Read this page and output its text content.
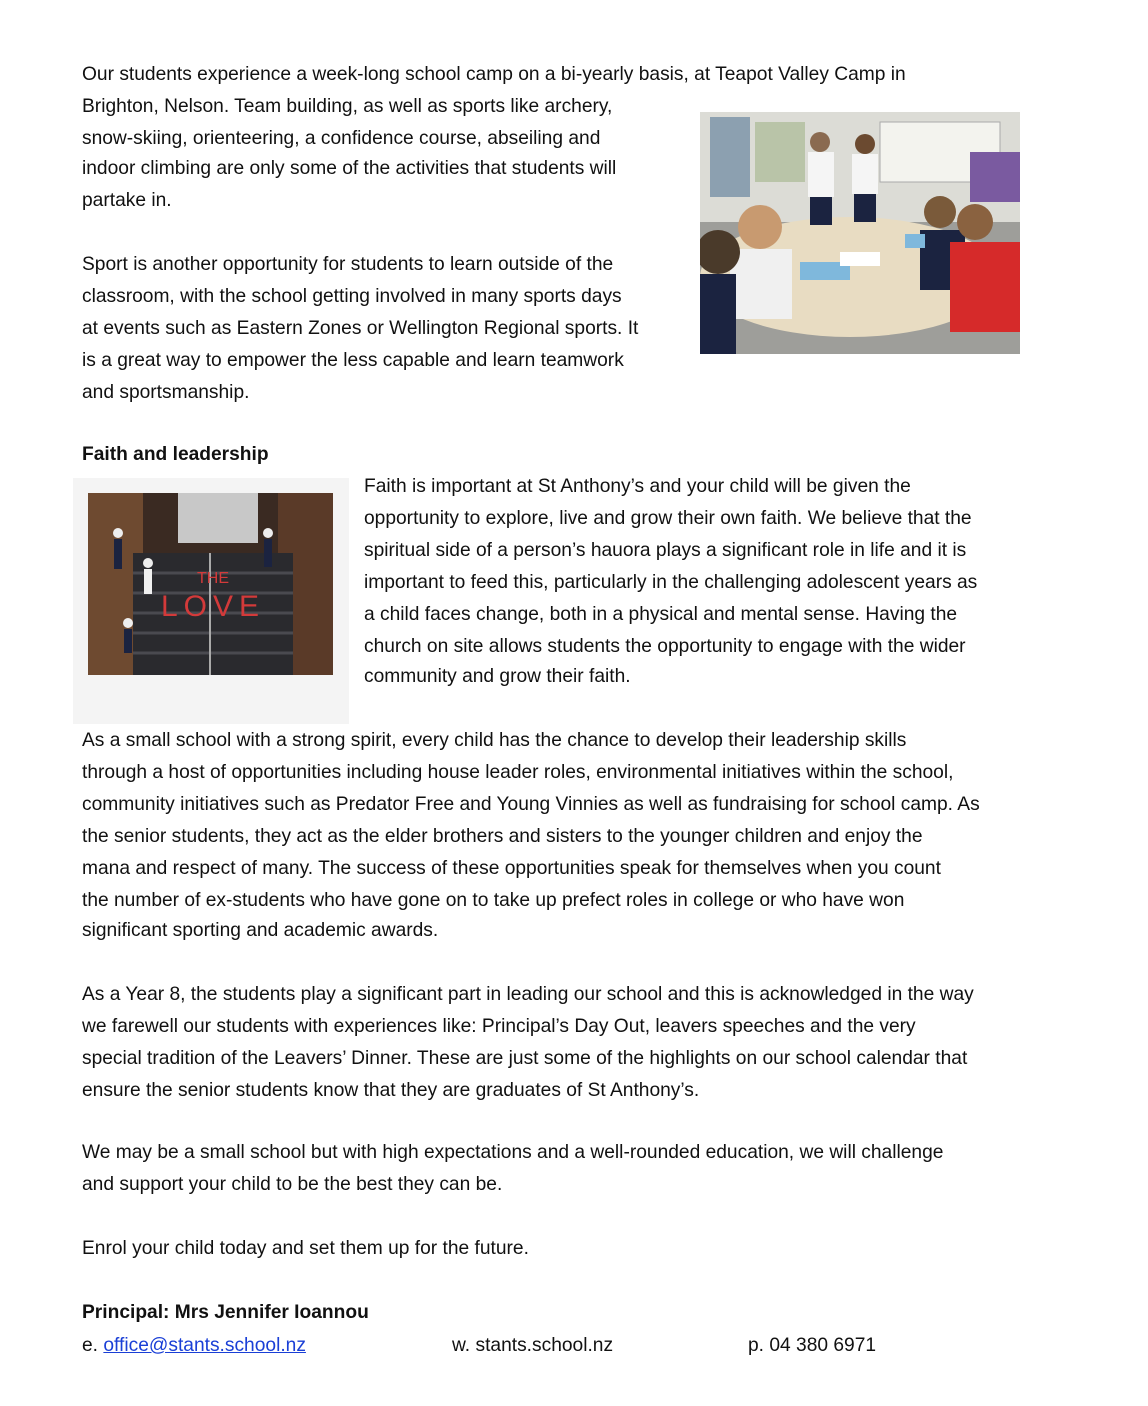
Our students experience a week-long school camp on a bi-yearly basis, at Teapot Valley Camp in

Brighton, Nelson. Team building, as well as sports like archery,

snow-skiing, orienteering, a confidence course, abseiling and

indoor climbing are only some of the activities that students will

partake in.

Sport is another opportunity for students to learn outside of the

classroom, with the school getting involved in many sports days

at events such as Eastern Zones or Wellington Regional sports. It

is a great way to empower the less capable and learn teamwork

and sportsmanship.

Faith and leadership

THE
LOVE

Faith is important at St Anthony’s and your child will be given the

opportunity to explore, live and grow their own faith. We believe that the

spiritual side of a person’s hauora plays a significant role in life and it is

important to feed this, particularly in the challenging adolescent years as

a child faces change, both in a physical and mental sense. Having the

church on site allows students the opportunity to engage with the wider

community and grow their faith.

As a small school with a strong spirit, every child has the chance to develop their leadership skills

through a host of opportunities including house leader roles, environmental initiatives within the school,

community initiatives such as Predator Free and Young Vinnies as well as fundraising for school camp. As

the senior students, they act as the elder brothers and sisters to the younger children and enjoy the

mana and respect of many. The success of these opportunities speak for themselves when you count

the number of ex-students who have gone on to take up prefect roles in college or who have won

significant sporting and academic awards.

As a Year 8, the students play a significant part in leading our school and this is acknowledged in the way

we farewell our students with experiences like: Principal’s Day Out, leavers speeches and the very

special tradition of the Leavers’ Dinner. These are just some of the highlights on our school calendar that

ensure the senior students know that they are graduates of St Anthony’s.

We may be a small school but with high expectations and a well-rounded education, we will challenge

and support your child to be the best they can be.

Enrol your child today and set them up for the future.

Principal: Mrs Jennifer Ioannou

e. office@stants.school.nz	w. stants.school.nz	p. 04 380 6971
